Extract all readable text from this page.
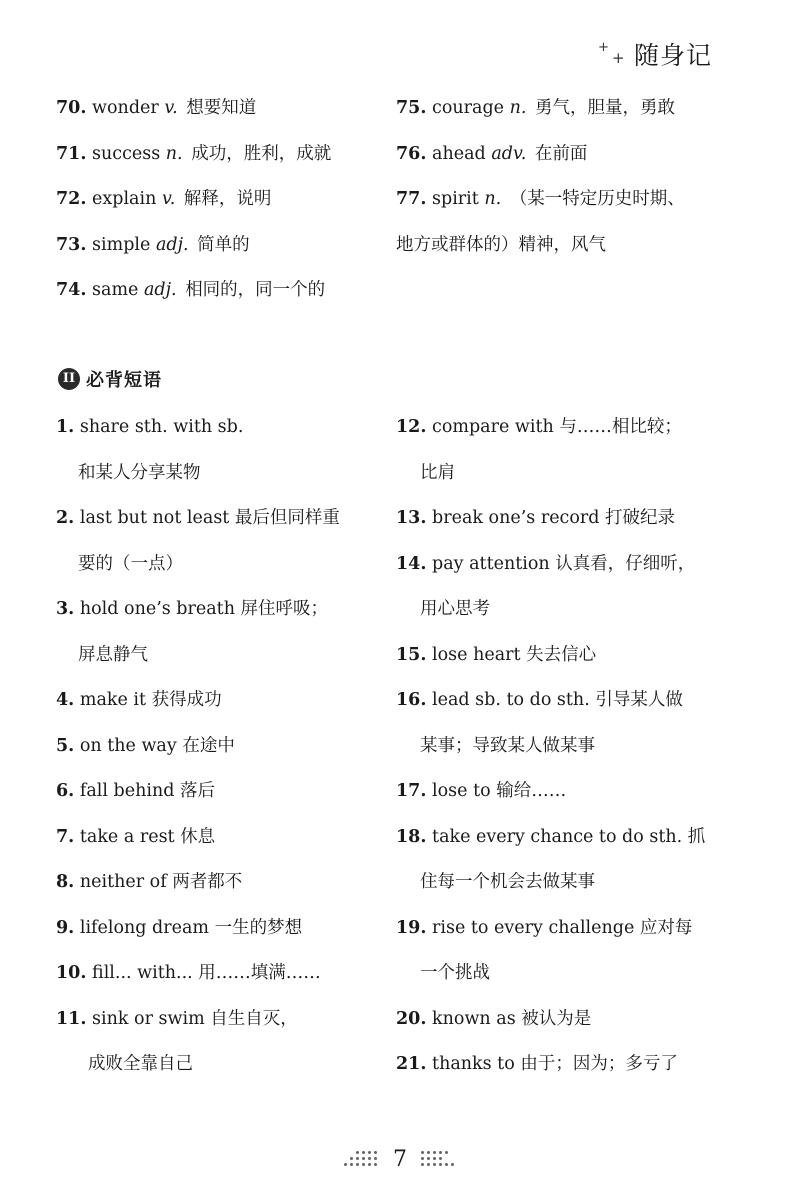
+
+ 随身记
70. wonder v. 想要知道
71. success n. 成功，胜利，成就
72. explain v. 解释，说明
73. simple adj. 简单的
74. same adj. 相同的，同一个的
75. courage n. 勇气，胆量，勇敢
76. ahead adv. 在前面
77. spirit n. （某一特定历史时期、
地方或群体的）精神，风气
II 必背短语
1. share sth. with sb.
和某人分享某物
2. last but not least 最后但同样重
要的（一点）
3. hold one’s breath 屏住呼吸；
屏息静气
4. make it 获得成功
5. on the way 在途中
6. fall behind 落后
7. take a rest 休息
8. neither of 两者都不
9. lifelong dream 一生的梦想
10. fill... with... 用……填满……
11. sink or swim 自生自灭，
成败全靠自己
12. compare with 与……相比较；
比肩
13. break one’s record 打破纪录
14. pay attention 认真看，仔细听，
用心思考
15. lose heart 失去信心
16. lead sb. to do sth. 引导某人做
某事；导致某人做某事
17. lose to 输给……
18. take every chance to do sth. 抓
住每一个机会去做某事
19. rise to every challenge 应对每
一个挑战
20. known as 被认为是
21. thanks to 由于；因为；多亏了
7
